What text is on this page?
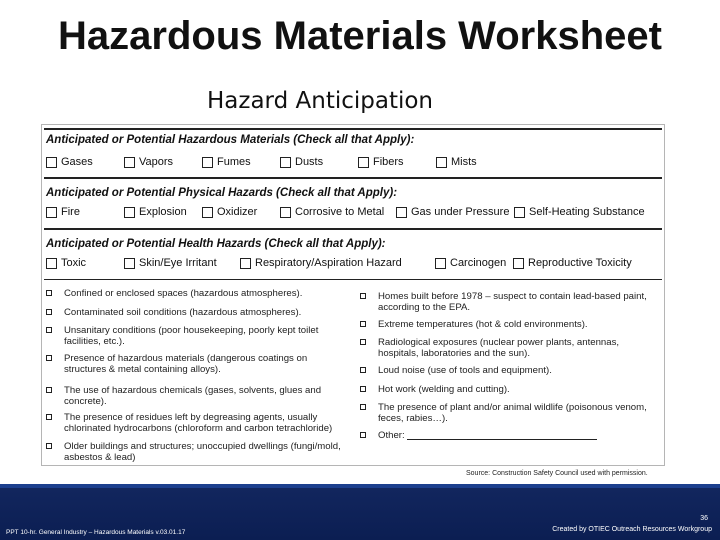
Hazardous Materials Worksheet
Hazard Anticipation
Anticipated or Potential Hazardous Materials (Check all that Apply):
Gases	Vapors	Fumes	Dusts	Fibers	Mists
Anticipated or Potential Physical Hazards (Check all that Apply):
Fire	Explosion	Oxidizer	Corrosive to Metal Gas under Pressure Self-Heating Substance
Anticipated or Potential Health Hazards (Check all that Apply):
Toxic	Skin/Eye Irritant	Respiratory/Aspiration Hazard	Carcinogen Reproductive Toxicity
Confined or enclosed spaces (hazardous atmospheres).
Contaminated soil conditions (hazardous atmospheres).
Unsanitary conditions (poor housekeeping, poorly kept toilet facilities, etc.).
Presence of hazardous materials (dangerous coatings on structures & metal containing alloys).
The use of hazardous chemicals (gases, solvents, glues and concrete).
The presence of residues left by degreasing agents, usually chlorinated hydrocarbons (chloroform and carbon tetrachloride)
Older buildings and structures; unoccupied dwellings (fungi/mold, asbestos & lead)
Homes built before 1978 – suspect to contain lead-based paint, according to the EPA.
Extreme temperatures (hot & cold environments).
Radiological exposures (nuclear power plants, antennas, hospitals, laboratories and the sun).
Loud noise (use of tools and equipment).
Hot work (welding and cutting).
The presence of plant and/or animal wildlife (poisonous venom, feces, rabies…).
Other:
Source: Construction Safety Council used with permission.
36
PPT 10-hr. General Industry – Hazardous Materials v.03.01.17	Created by OTIEC Outreach Resources Workgroup
